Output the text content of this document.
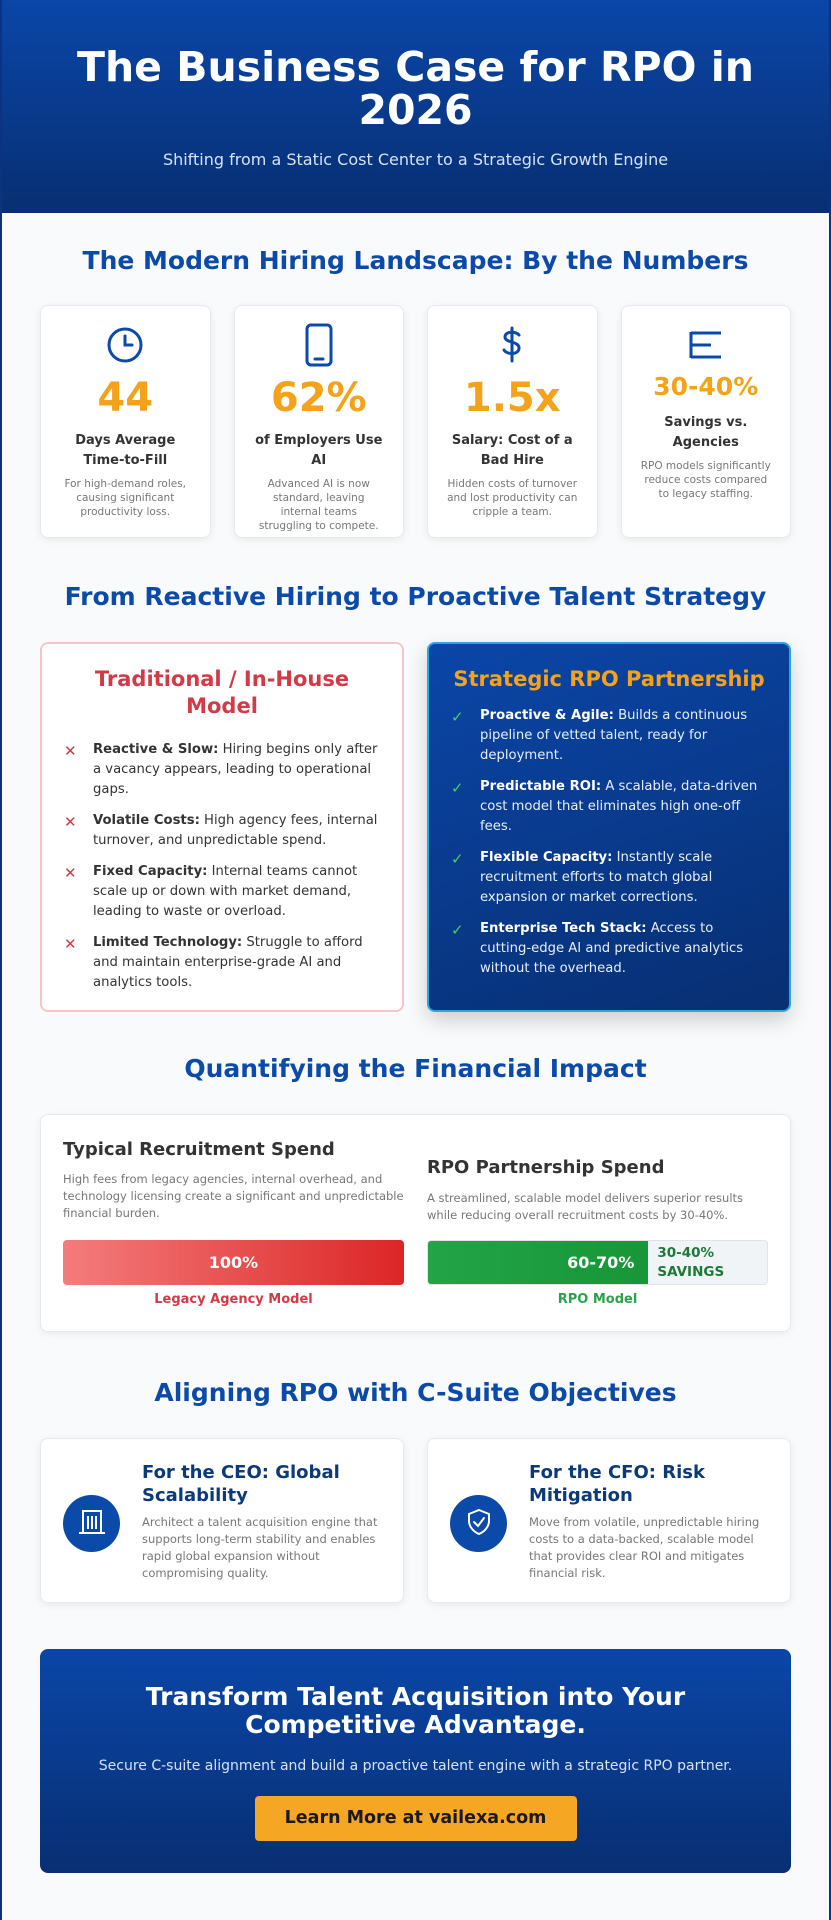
The Business Case for RPO in 2026

Shifting from a Static Cost Center to a Strategic Growth Engine

The Modern Hiring Landscape: By the Numbers
44
Days Average Time-to-Fill
For high-demand roles, causing significant productivity loss.
62%
of Employers Use AI
Advanced AI is now standard, leaving internal teams struggling to compete.
1.5x
Salary: Cost of a Bad Hire
Hidden costs of turnover and lost productivity can cripple a team.
30-40%
Savings vs. Agencies
RPO models significantly reduce costs compared to legacy staffing.
From Reactive Hiring to Proactive Talent Strategy
Traditional / In-House Model
✕	Reactive & Slow: Hiring begins only after a vacancy appears, leading to operational gaps.
✕	Volatile Costs: High agency fees, internal turnover, and unpredictable spend.
✕	Fixed Capacity: Internal teams cannot scale up or down with market demand, leading to waste or overload.
✕	Limited Technology: Struggle to afford and maintain enterprise-grade AI and analytics tools.
Strategic RPO Partnership
✓	Proactive & Agile: Builds a continuous pipeline of vetted talent, ready for deployment.
✓	Predictable ROI: A scalable, data-driven cost model that eliminates high one-off fees.
✓	Flexible Capacity: Instantly scale recruitment efforts to match global expansion or market corrections.
✓	Enterprise Tech Stack: Access to cutting-edge AI and predictive analytics without the overhead.
Quantifying the Financial Impact
Typical Recruitment Spend

High fees from legacy agencies, internal overhead, and technology licensing create a significant and unpredictable financial burden.

100%
Legacy Agency Model
RPO Partnership Spend

A streamlined, scalable model delivers superior results while reducing overall recruitment costs by 30-40%.

60-70%
30-40%
SAVINGS
RPO Model
Aligning RPO with C-Suite Objectives
For the CEO: Global Scalability

Architect a talent acquisition engine that supports long-term stability and enables rapid global expansion without compromising quality.

For the CFO: Risk Mitigation

Move from volatile, unpredictable hiring costs to a data-backed, scalable model that provides clear ROI and mitigates financial risk.

Transform Talent Acquisition into Your Competitive Advantage.

Secure C-suite alignment and build a proactive talent engine with a strategic RPO partner.

Learn More at vailexa.com
